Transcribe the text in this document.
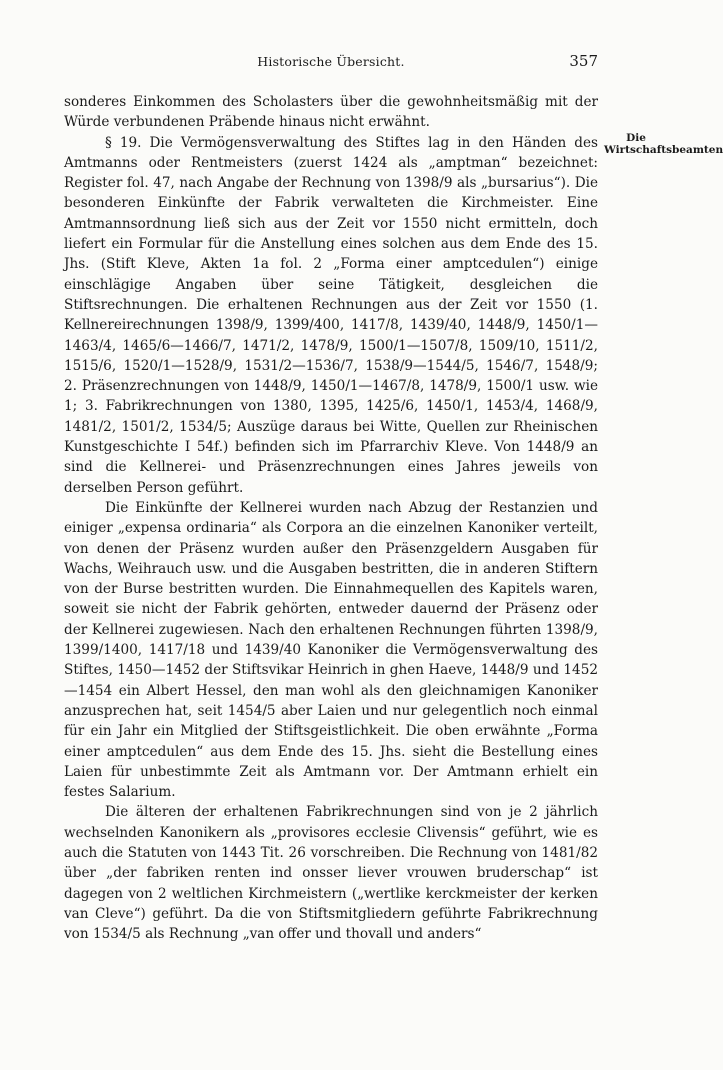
Historische Übersicht.	357
Die Wirtschaftsbeamten

sonderes Einkommen des Scholasters über die gewohnheitsmäßig mit der Würde verbundenen Präbende hinaus nicht erwähnt.

§ 19. Die Vermögensverwaltung des Stiftes lag in den Händen des Amtmanns oder Rentmeisters (zuerst 1424 als „amptman“ bezeichnet: Register fol. 47, nach Angabe der Rechnung von 1398/9 als „bursarius“). Die besonderen Einkünfte der Fabrik verwalteten die Kirchmeister. Eine Amtmannsordnung ließ sich aus der Zeit vor 1550 nicht ermitteln, doch liefert ein Formular für die Anstellung eines solchen aus dem Ende des 15. Jhs. (Stift Kleve, Akten 1a fol. 2 „Forma einer amptcedulen“) einige einschlägige Angaben über seine Tätigkeit, desgleichen die Stiftsrechnungen. Die erhaltenen Rechnungen aus der Zeit vor 1550 (1. Kellnereirechnungen 1398/9, 1399/400, 1417/8, 1439/40, 1448/9, 1450/1—1463/4, 1465/6—1466/7, 1471/2, 1478/9, 1500/1—1507/8, 1509/10, 1511/2, 1515/6, 1520/1—1528/9, 1531/2—1536/7, 1538/9—1544/5, 1546/7, 1548/9; 2. Präsenzrechnungen von 1448/9, 1450/1—1467/8, 1478/9, 1500/1 usw. wie 1; 3. Fabrikrechnungen von 1380, 1395, 1425/6, 1450/1, 1453/4, 1468/9, 1481/2, 1501/2, 1534/5; Auszüge daraus bei Witte, Quellen zur Rheinischen Kunstgeschichte I 54f.) befinden sich im Pfarrarchiv Kleve. Von 1448/9 an sind die Kellnerei- und Präsenzrechnungen eines Jahres jeweils von derselben Person geführt.

Die Einkünfte der Kellnerei wurden nach Abzug der Restanzien und einiger „expensa ordinaria“ als Corpora an die einzelnen Kanoniker verteilt, von denen der Präsenz wurden außer den Präsenzgeldern Ausgaben für Wachs, Weihrauch usw. und die Ausgaben bestritten, die in anderen Stiftern von der Burse bestritten wurden. Die Einnahmequellen des Kapitels waren, soweit sie nicht der Fabrik gehörten, entweder dauernd der Präsenz oder der Kellnerei zugewiesen. Nach den erhaltenen Rechnungen führten 1398/9, 1399/1400, 1417/18 und 1439/40 Kanoniker die Vermögensverwaltung des Stiftes, 1450—1452 der Stiftsvikar Heinrich in ghen Haeve, 1448/9 und 1452—1454 ein Albert Hessel, den man wohl als den gleichnamigen Kanoniker anzusprechen hat, seit 1454/5 aber Laien und nur gelegentlich noch einmal für ein Jahr ein Mitglied der Stiftsgeistlichkeit. Die oben erwähnte „Forma einer amptcedulen“ aus dem Ende des 15. Jhs. sieht die Bestellung eines Laien für unbestimmte Zeit als Amtmann vor. Der Amtmann erhielt ein festes Salarium.

Die älteren der erhaltenen Fabrikrechnungen sind von je 2 jährlich wechselnden Kanonikern als „provisores ecclesie Clivensis“ geführt, wie es auch die Statuten von 1443 Tit. 26 vorschreiben. Die Rechnung von 1481/82 über „der fabriken renten ind onsser liever vrouwen bruderschap“ ist dagegen von 2 weltlichen Kirchmeistern („wertlike kerckmeister der kerken van Cleve“) geführt. Da die von Stiftsmitgliedern geführte Fabrikrechnung von 1534/5 als Rechnung „van offer und thovall und anders“
